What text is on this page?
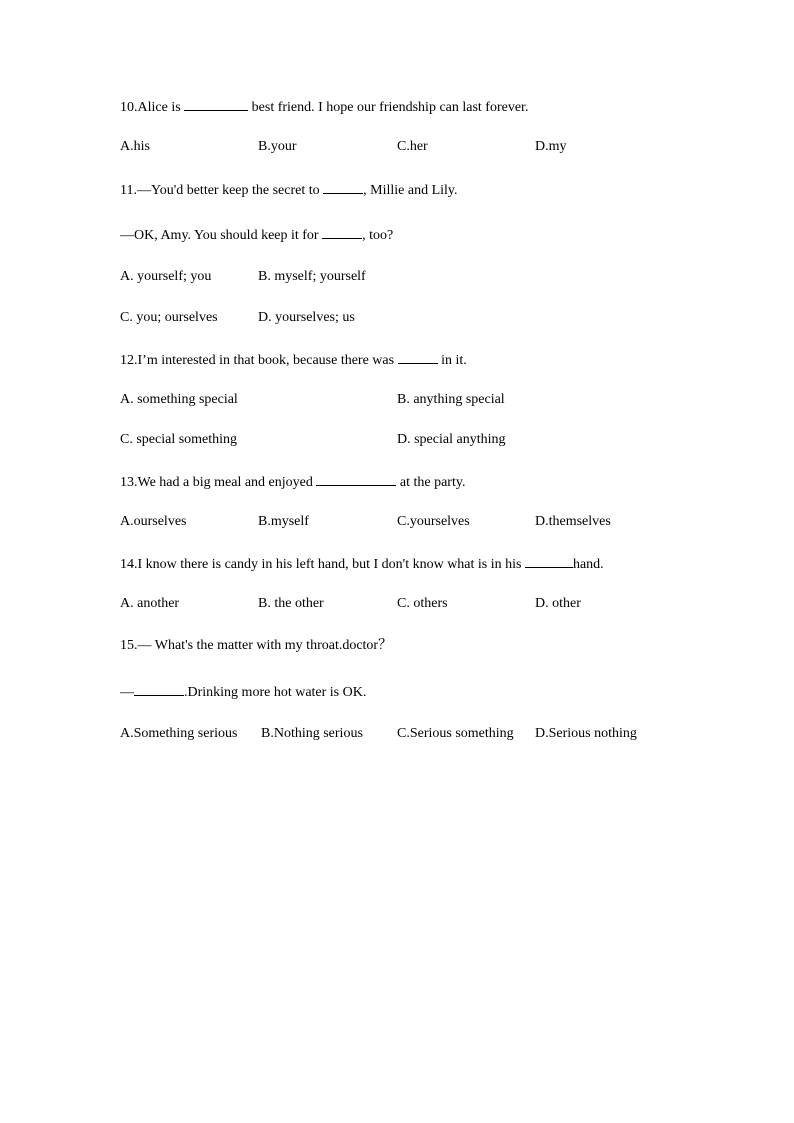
10.Alice is	best friend. I hope our friendship can last forever.
A.his	B.your	C.her	D.my
11.—You'd better keep the secret to	, Millie and Lily.
—OK, Amy. You should keep it for	, too?
A. yourself; you	B. myself; yourself
C. you; ourselves	D. yourselves; us
12.I’m interested in that book, because there was	in it.
A. something special	B. anything special
C. special something	D. special anything
13.We had a big meal and enjoyed	at the party.
A.ourselves	B.myself	C.yourselves	D.themselves
14.I know there is candy in his left hand, but I don't know what is in his	hand.
A. another	B. the other	C. others	D. other
15.— What's the matter with my throat.doctor？
—	.Drinking more hot water is OK.
A.Something serious B.Nothing serious C.Serious something D.Serious nothing
